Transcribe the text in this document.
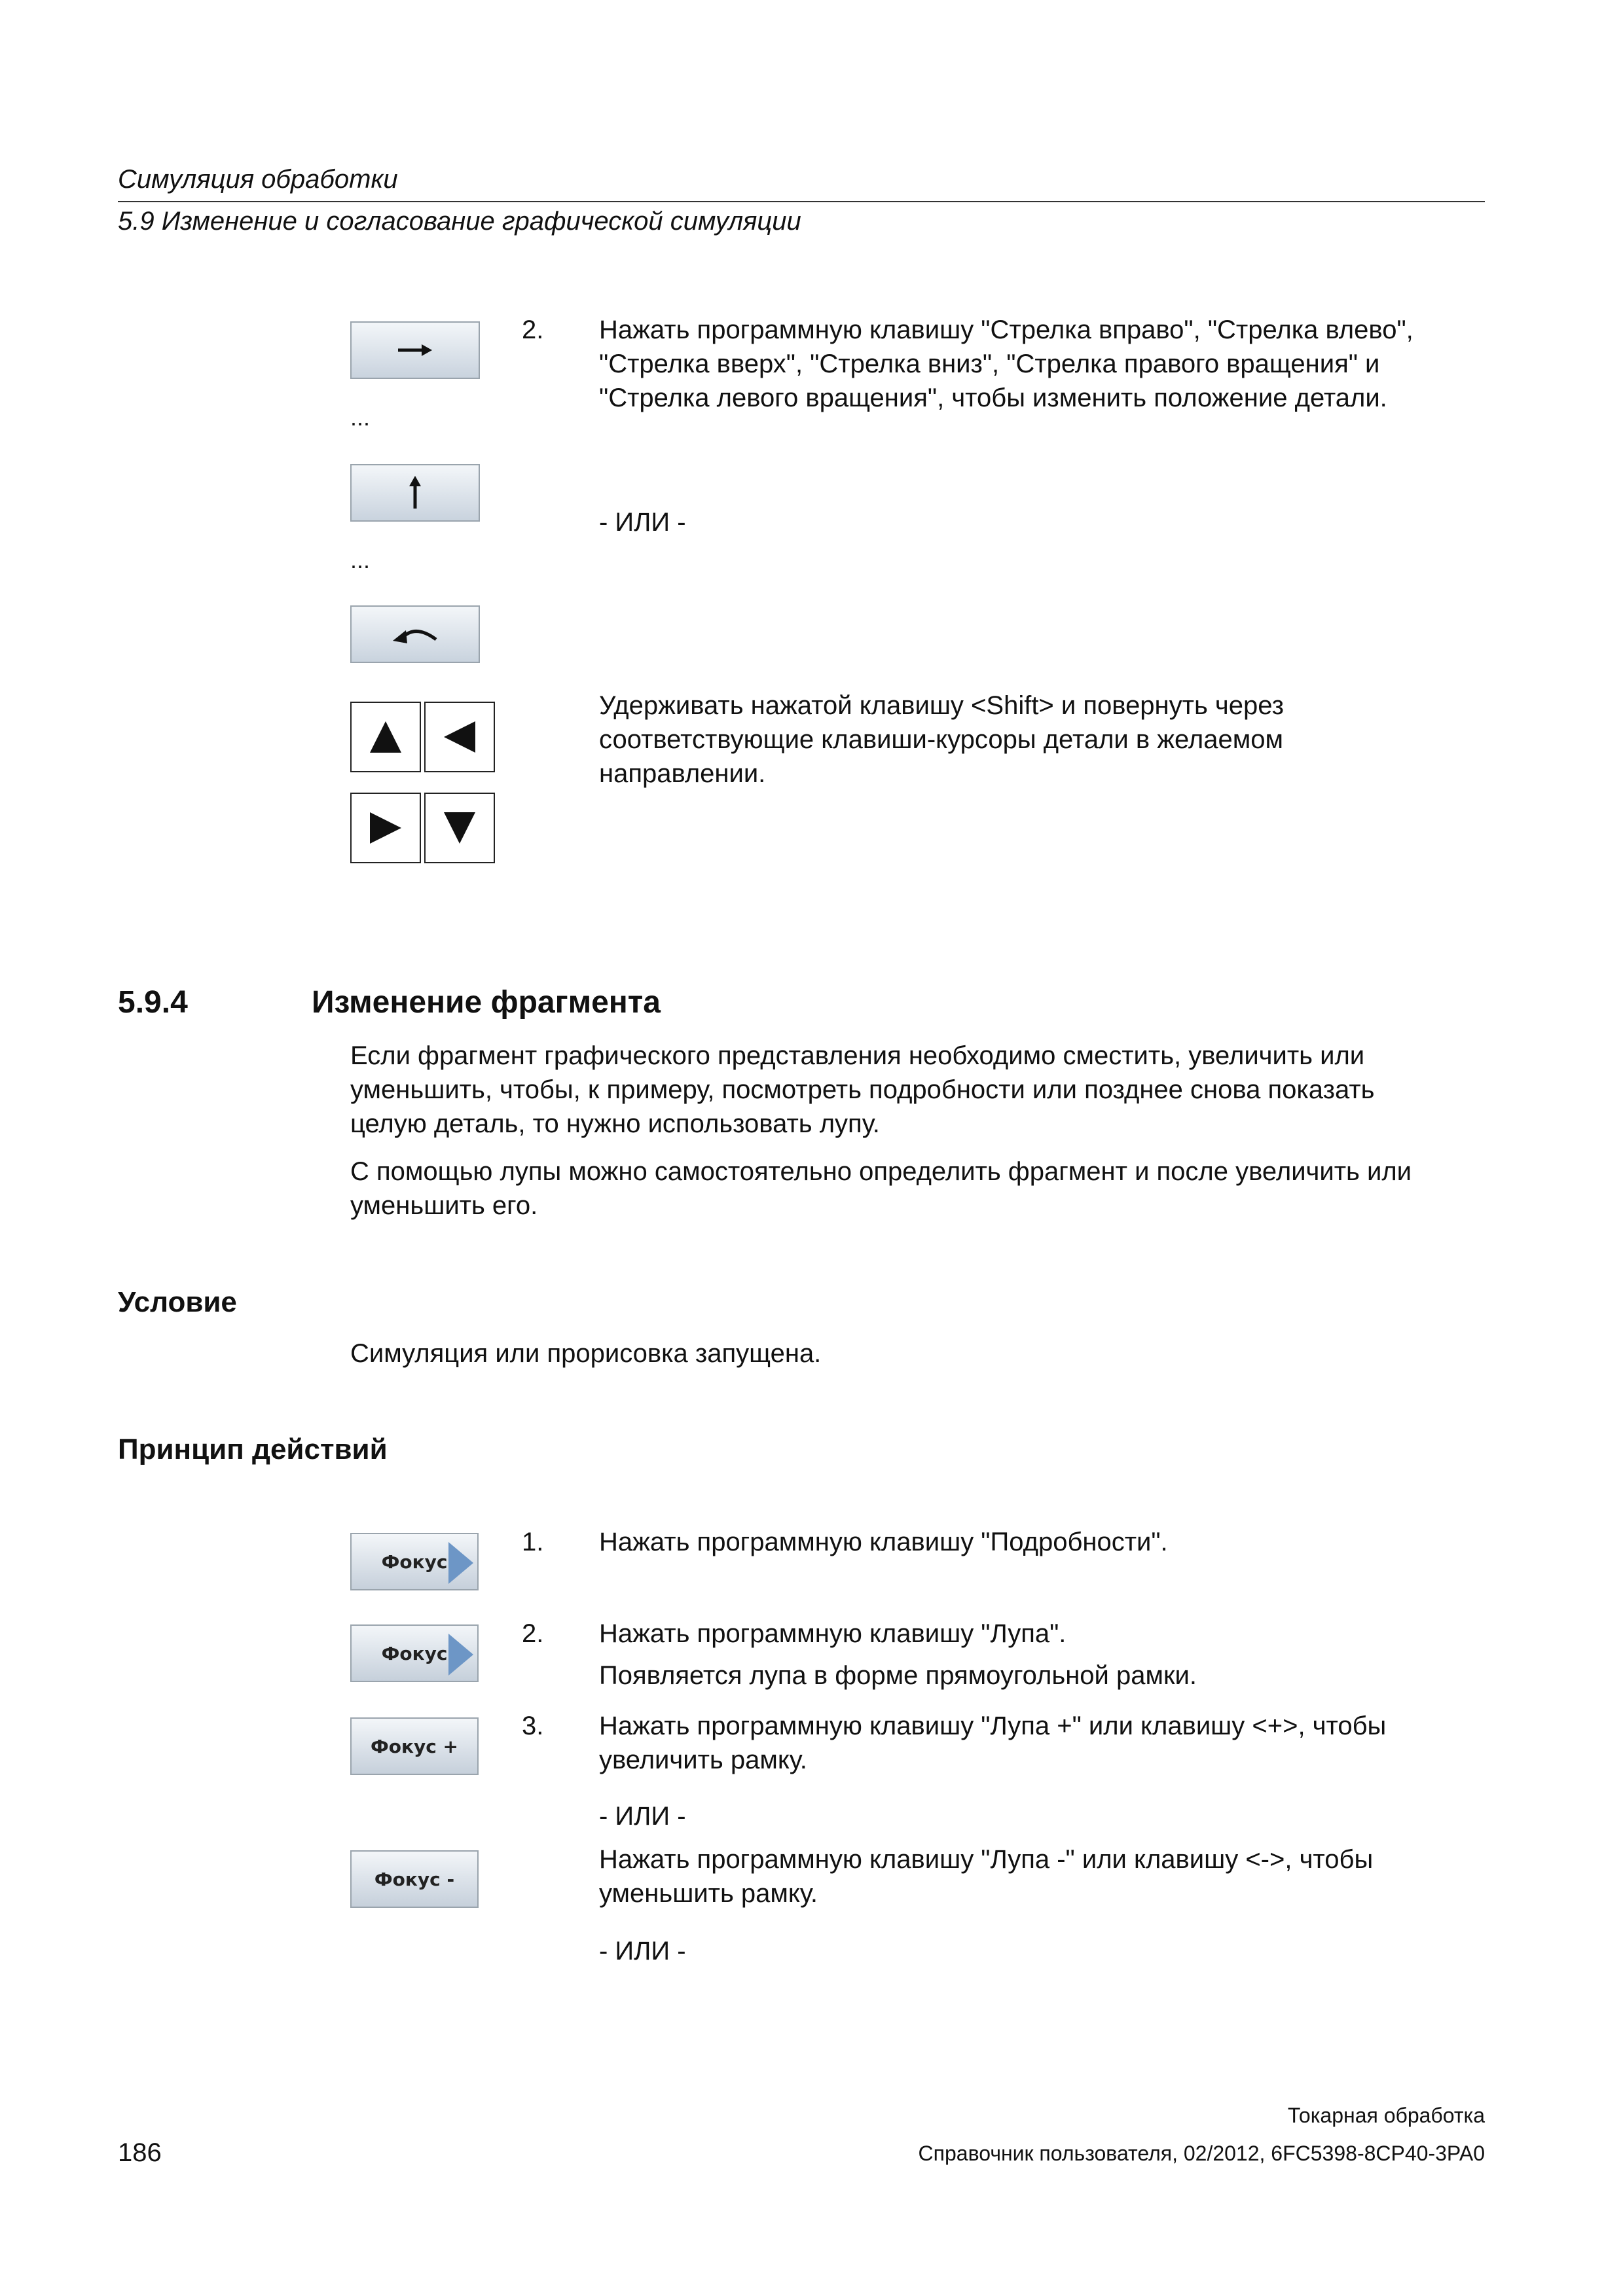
Симуляция обработки
5.9 Изменение и согласование графической симуляции
...
...
2. Нажать программную клавишу "Стрелка вправо", "Стрелка влево",
"Стрелка вверх", "Стрелка вниз", "Стрелка правого вращения" и
"Стрелка левого вращения", чтобы изменить положение детали.
- ИЛИ -
Удерживать нажатой клавишу <Shift> и повернуть через
соответствующие клавиши-курсоры детали в желаемом
направлении.
5.9.4	Изменение фрагмента
Если фрагмент графического представления необходимо сместить, увеличить или
уменьшить, чтобы, к примеру, посмотреть подробности или позднее снова показать
целую деталь, то нужно использовать лупу.
С помощью лупы можно самостоятельно определить фрагмент и после увеличить или
уменьшить его.
Условие
Симуляция или прорисовка запущена.
Принцип действий
Фокус
Фокус
Фокус +
Фокус -
1. Нажать программную клавишу "Подробности".
2. Нажать программную клавишу "Лупа".
Появляется лупа в форме прямоугольной рамки.
3. Нажать программную клавишу "Лупа +" или клавишу <+>, чтобы
увеличить рамку.
- ИЛИ -
Нажать программную клавишу "Лупа -" или клавишу <->, чтобы
уменьшить рамку.
- ИЛИ -
Токарная обработка
186	Справочник пользователя, 02/2012, 6FC5398-8CP40-3PA0
